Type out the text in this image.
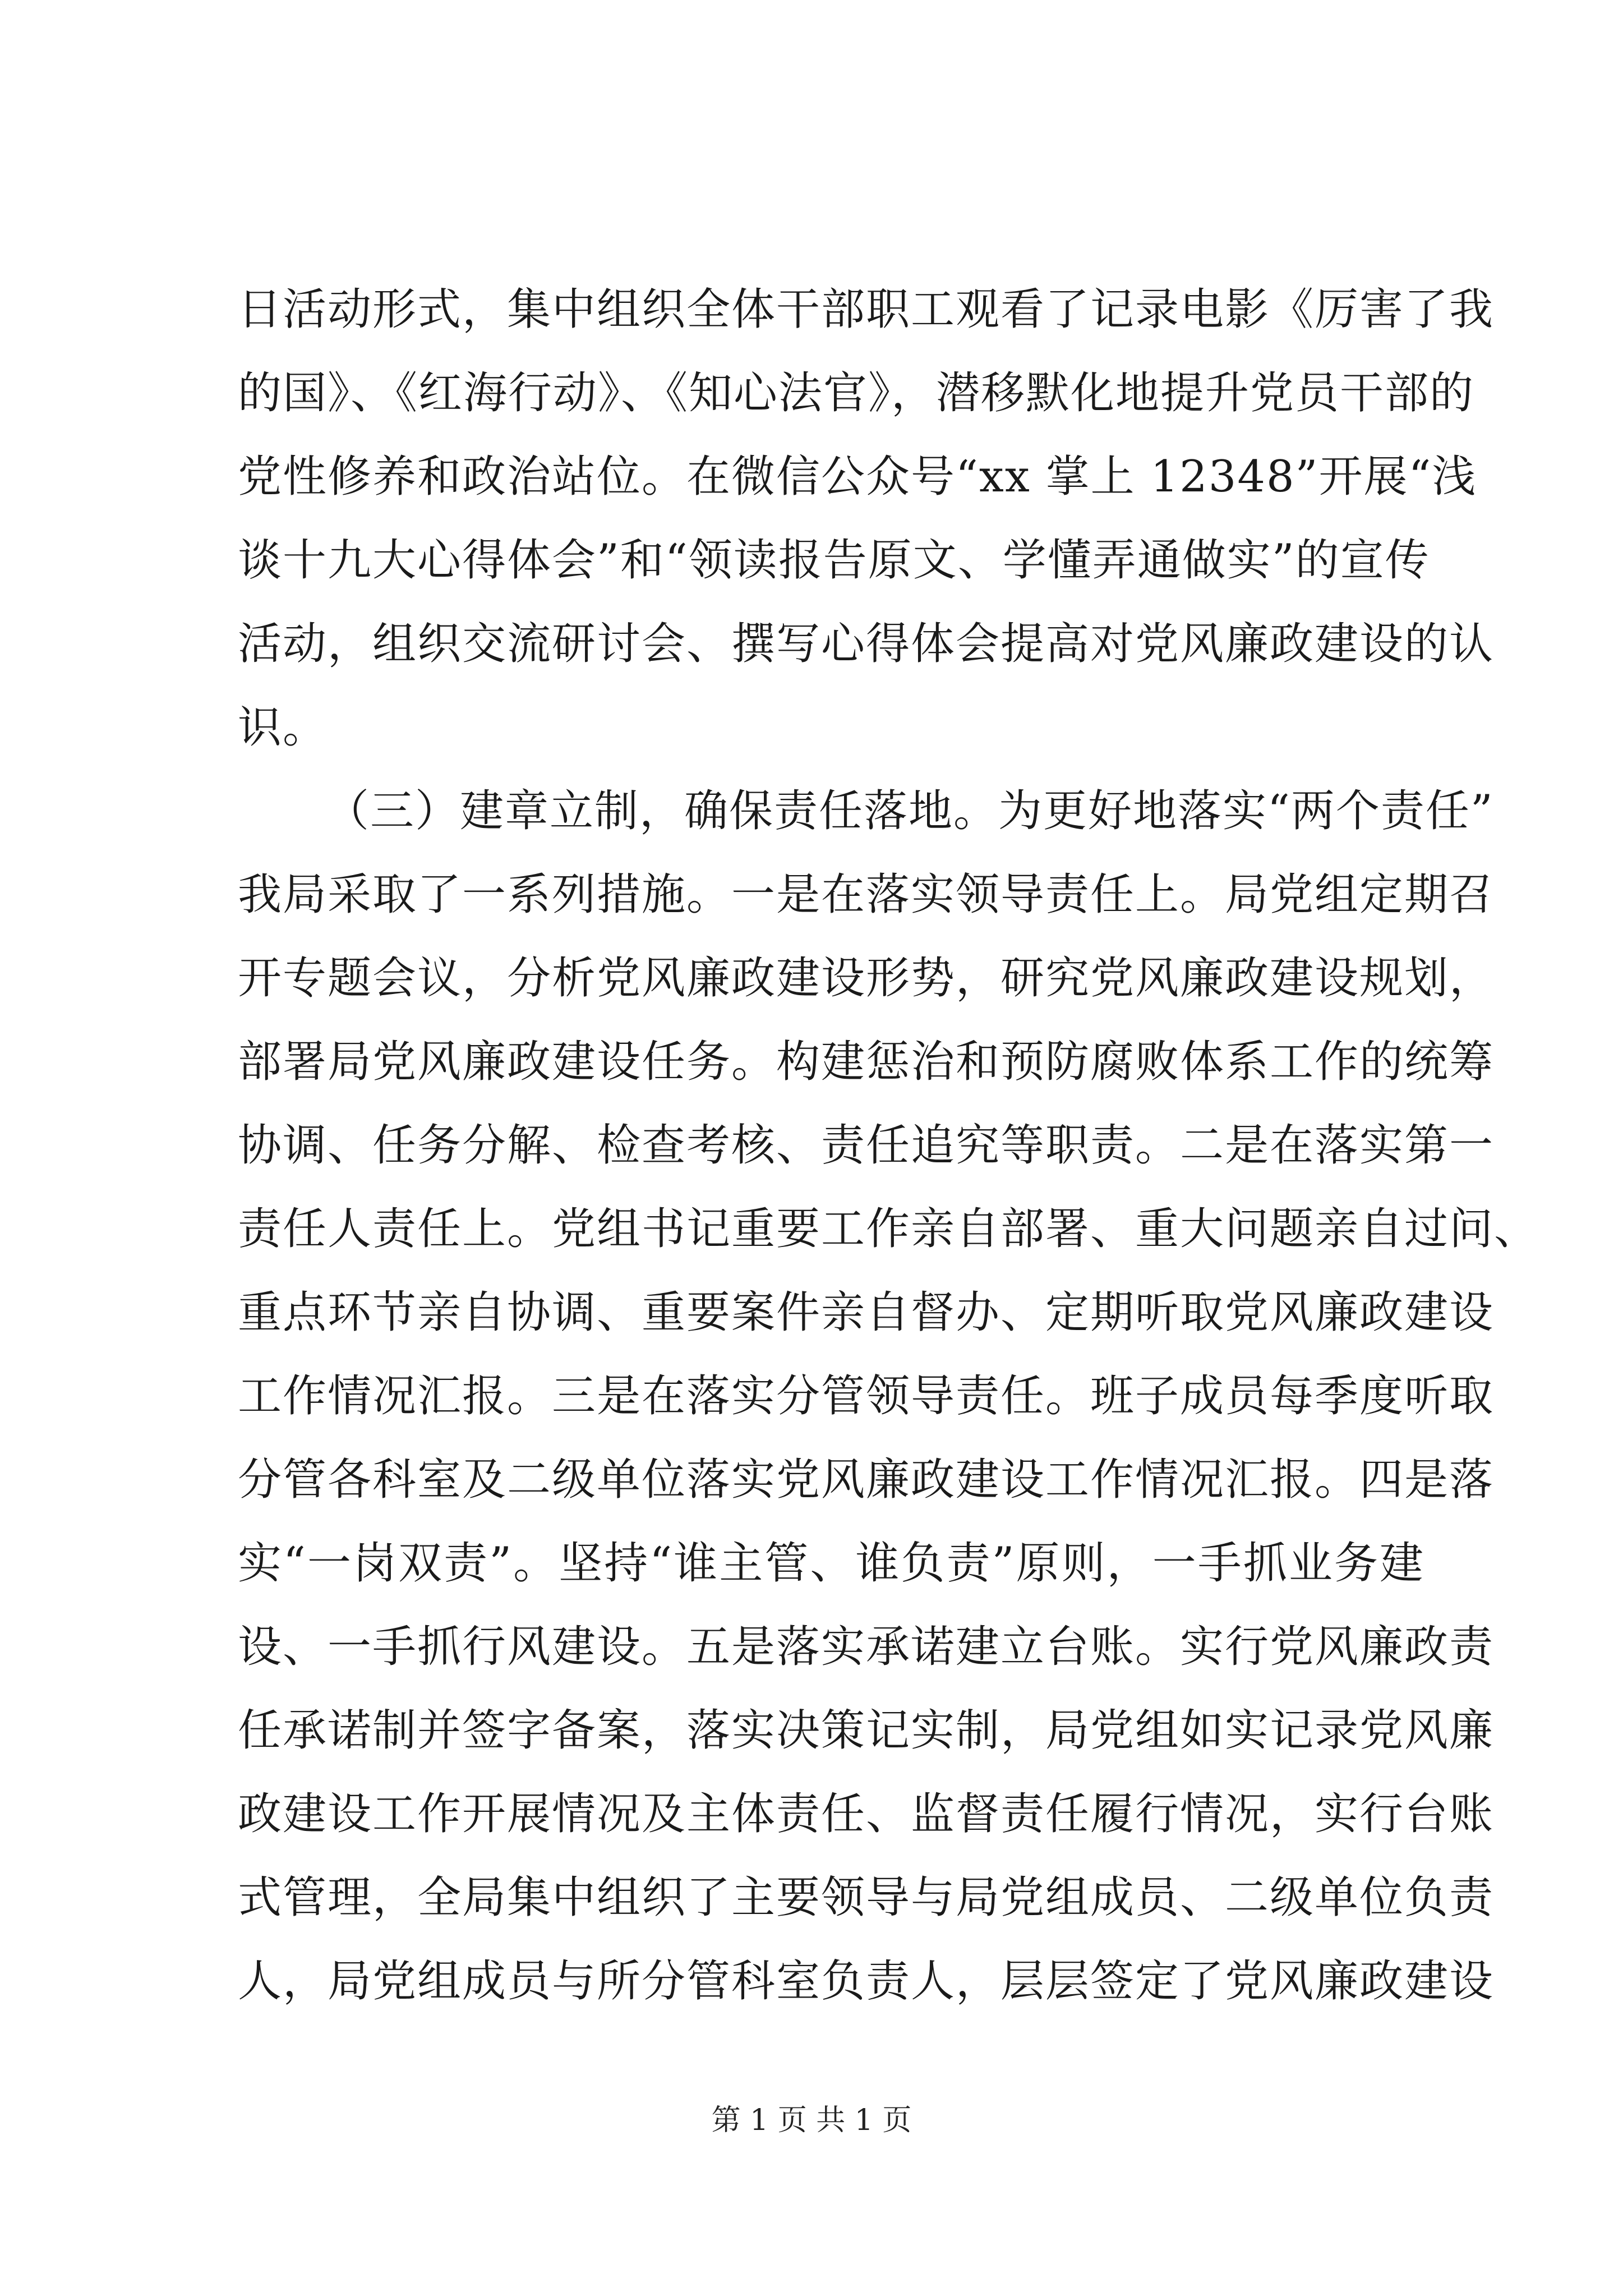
日活动形式，集中组织全体干部职工观看了记录电影《厉害了我
的国》、《红海行动》、《知心法官》，潜移默化地提升党员干部的
党性修养和政治站位。在微信公众号“xx 掌上 12348”开展“浅
谈十九大心得体会”和“领读报告原文、学懂弄通做实”的宣传
活动，组织交流研讨会、撰写心得体会提高对党风廉政建设的认
识。
（三）建章立制，确保责任落地。为更好地落实“两个责任”
我局采取了一系列措施。一是在落实领导责任上。局党组定期召
开专题会议，分析党风廉政建设形势，研究党风廉政建设规划，
部署局党风廉政建设任务。构建惩治和预防腐败体系工作的统筹
协调、任务分解、检查考核、责任追究等职责。二是在落实第一
责任人责任上。党组书记重要工作亲自部署、重大问题亲自过问、
重点环节亲自协调、重要案件亲自督办、定期听取党风廉政建设
工作情况汇报。三是在落实分管领导责任。班子成员每季度听取
分管各科室及二级单位落实党风廉政建设工作情况汇报。四是落
实“一岗双责”。坚持“谁主管、谁负责”原则，一手抓业务建
设、一手抓行风建设。五是落实承诺建立台账。实行党风廉政责
任承诺制并签字备案，落实决策记实制，局党组如实记录党风廉
政建设工作开展情况及主体责任、监督责任履行情况，实行台账
式管理，全局集中组织了主要领导与局党组成员、二级单位负责
人，局党组成员与所分管科室负责人，层层签定了党风廉政建设
第 1 页 共 1 页
